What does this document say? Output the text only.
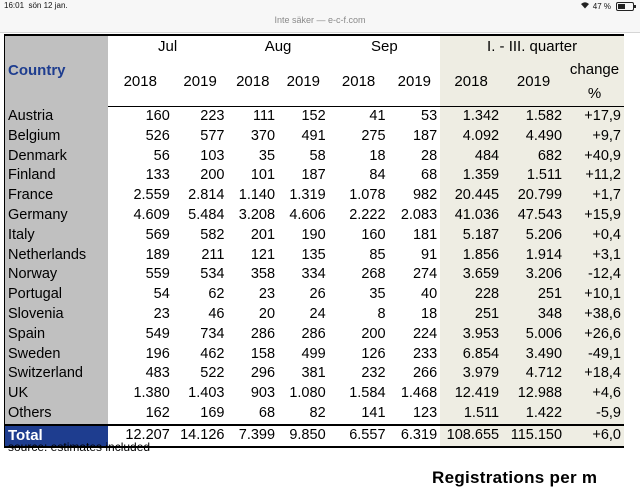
16:01 sön 12 jan.	47 %
Inte säker — e-c-f.com
Country	Jul		Aug		Sep		I. - III. quarter		
	2018	2019	2018	2019	2018	2019	2018	2019	change
%

Austria	160	223	111	152	41	53	1.342	1.582	+17,9
Belgium	526	577	370	491	275	187	4.092	4.490	+9,7
Denmark	56	103	35	58	18	28	484	682	+40,9
Finland	133	200	101	187	84	68	1.359	1.511	+11,2
France	2.559	2.814	1.140	1.319	1.078	982	20.445	20.799	+1,7
Germany	4.609	5.484	3.208	4.606	2.222	2.083	41.036	47.543	+15,9
Italy	569	582	201	190	160	181	5.187	5.206	+0,4
Netherlands	189	211	121	135	85	91	1.856	1.914	+3,1
Norway	559	534	358	334	268	274	3.659	3.206	-12,4
Portugal	54	62	23	26	35	40	228	251	+10,1
Slovenia	23	46	20	24	8	18	251	348	+38,6
Spain	549	734	286	286	200	224	3.953	5.006	+26,6
Sweden	196	462	158	499	126	233	6.854	3.490	-49,1
Switzerland	483	522	296	381	232	266	3.979	4.712	+18,4
UK	1.380	1.403	903	1.080	1.584	1.468	12.419	12.988	+4,6
Others	162	169	68	82	141	123	1.511	1.422	-5,9
Total	12.207	14.126	7.399	9.850	6.557	6.319	108.655	115.150	+6,0
source: estimates included
Registrations per m
